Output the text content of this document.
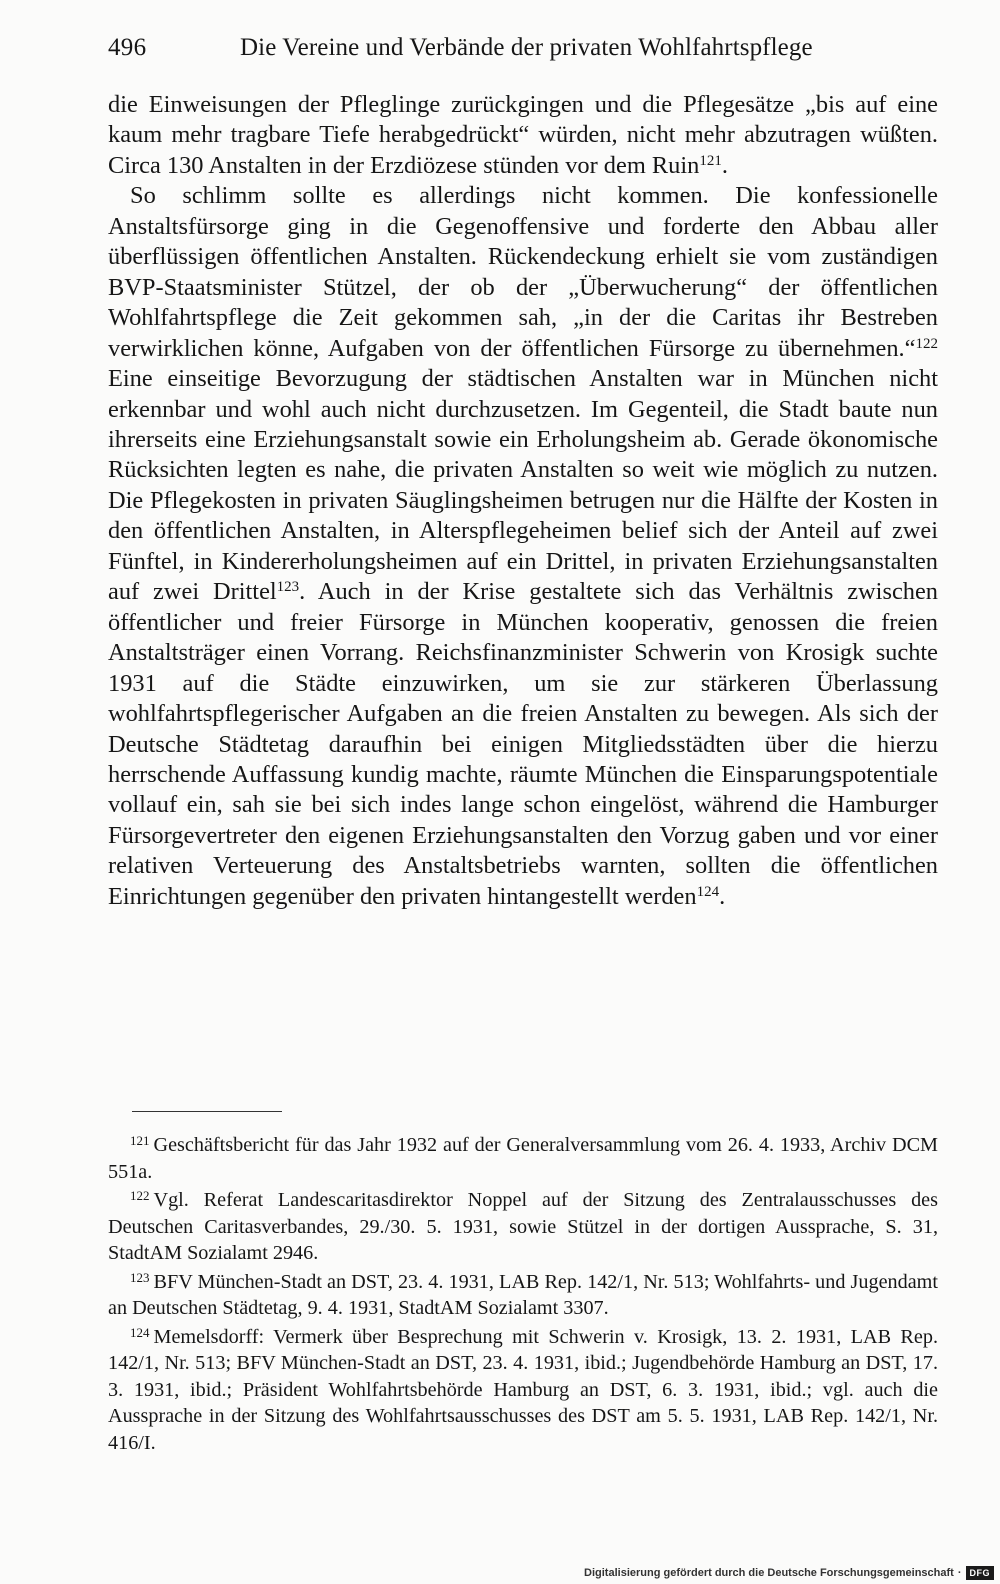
496	Die Vereine und Verbände der privaten Wohlfahrtspflege

die Einweisungen der Pfleglinge zurückgingen und die Pflegesätze „bis auf eine kaum mehr tragbare Tiefe herabgedrückt“ würden, nicht mehr abzutragen wüßten. Circa 130 Anstalten in der Erzdiözese stünden vor dem Ruin$^{121}$.

So schlimm sollte es allerdings nicht kommen. Die konfessionelle Anstaltsfürsorge ging in die Gegenoffensive und forderte den Abbau aller überflüssigen öffentlichen Anstalten. Rückendeckung erhielt sie vom zuständigen BVP-Staatsminister Stützel, der ob der „Überwucherung“ der öffentlichen Wohlfahrtspflege die Zeit gekommen sah, „in der die Caritas ihr Bestreben verwirklichen könne, Aufgaben von der öffentlichen Fürsorge zu übernehmen.“$^{122}$ Eine einseitige Bevorzugung der städtischen Anstalten war in München nicht erkennbar und wohl auch nicht durchzusetzen. Im Gegenteil, die Stadt baute nun ihrerseits eine Erziehungsanstalt sowie ein Erholungsheim ab. Gerade ökonomische Rücksichten legten es nahe, die privaten Anstalten so weit wie möglich zu nutzen. Die Pflegekosten in privaten Säuglingsheimen betrugen nur die Hälfte der Kosten in den öffentlichen Anstalten, in Alterspflegeheimen belief sich der Anteil auf zwei Fünftel, in Kindererholungsheimen auf ein Drittel, in privaten Erziehungsanstalten auf zwei Drittel$^{123}$. Auch in der Krise gestaltete sich das Verhältnis zwischen öffentlicher und freier Fürsorge in München kooperativ, genossen die freien Anstaltsträger einen Vorrang. Reichsfinanzminister Schwerin von Krosigk suchte 1931 auf die Städte einzuwirken, um sie zur stärkeren Überlassung wohlfahrtspflegerischer Aufgaben an die freien Anstalten zu bewegen. Als sich der Deutsche Städtetag daraufhin bei einigen Mitgliedsstädten über die hierzu herrschende Auffassung kundig machte, räumte München die Einsparungspotentiale vollauf ein, sah sie bei sich indes lange schon eingelöst, während die Hamburger Fürsorgevertreter den eigenen Erziehungsanstalten den Vorzug gaben und vor einer relativen Verteuerung des Anstaltsbetriebs warnten, sollten die öffentlichen Einrichtungen gegenüber den privaten hintangestellt werden$^{124}$.

$^{121}$ Geschäftsbericht für das Jahr 1932 auf der Generalversammlung vom 26. 4. 1933, Archiv DCM 551a.

$^{122}$ Vgl. Referat Landescaritasdirektor Noppel auf der Sitzung des Zentralausschusses des Deutschen Caritasverbandes, 29./30. 5. 1931, sowie Stützel in der dortigen Aussprache, S. 31, StadtAM Sozialamt 2946.

$^{123}$ BFV München-Stadt an DST, 23. 4. 1931, LAB Rep. 142/1, Nr. 513; Wohlfahrts- und Jugendamt an Deutschen Städtetag, 9. 4. 1931, StadtAM Sozialamt 3307.

$^{124}$ Memelsdorff: Vermerk über Besprechung mit Schwerin v. Krosigk, 13. 2. 1931, LAB Rep. 142/1, Nr. 513; BFV München-Stadt an DST, 23. 4. 1931, ibid.; Jugendbehörde Hamburg an DST, 17. 3. 1931, ibid.; Präsident Wohlfahrtsbehörde Hamburg an DST, 6. 3. 1931, ibid.; vgl. auch die Aussprache in der Sitzung des Wohlfahrtsausschusses des DST am 5. 5. 1931, LAB Rep. 142/1, Nr. 416/I.

Digitalisierung gefördert durch die Deutsche Forschungsgemeinschaft · DFG
